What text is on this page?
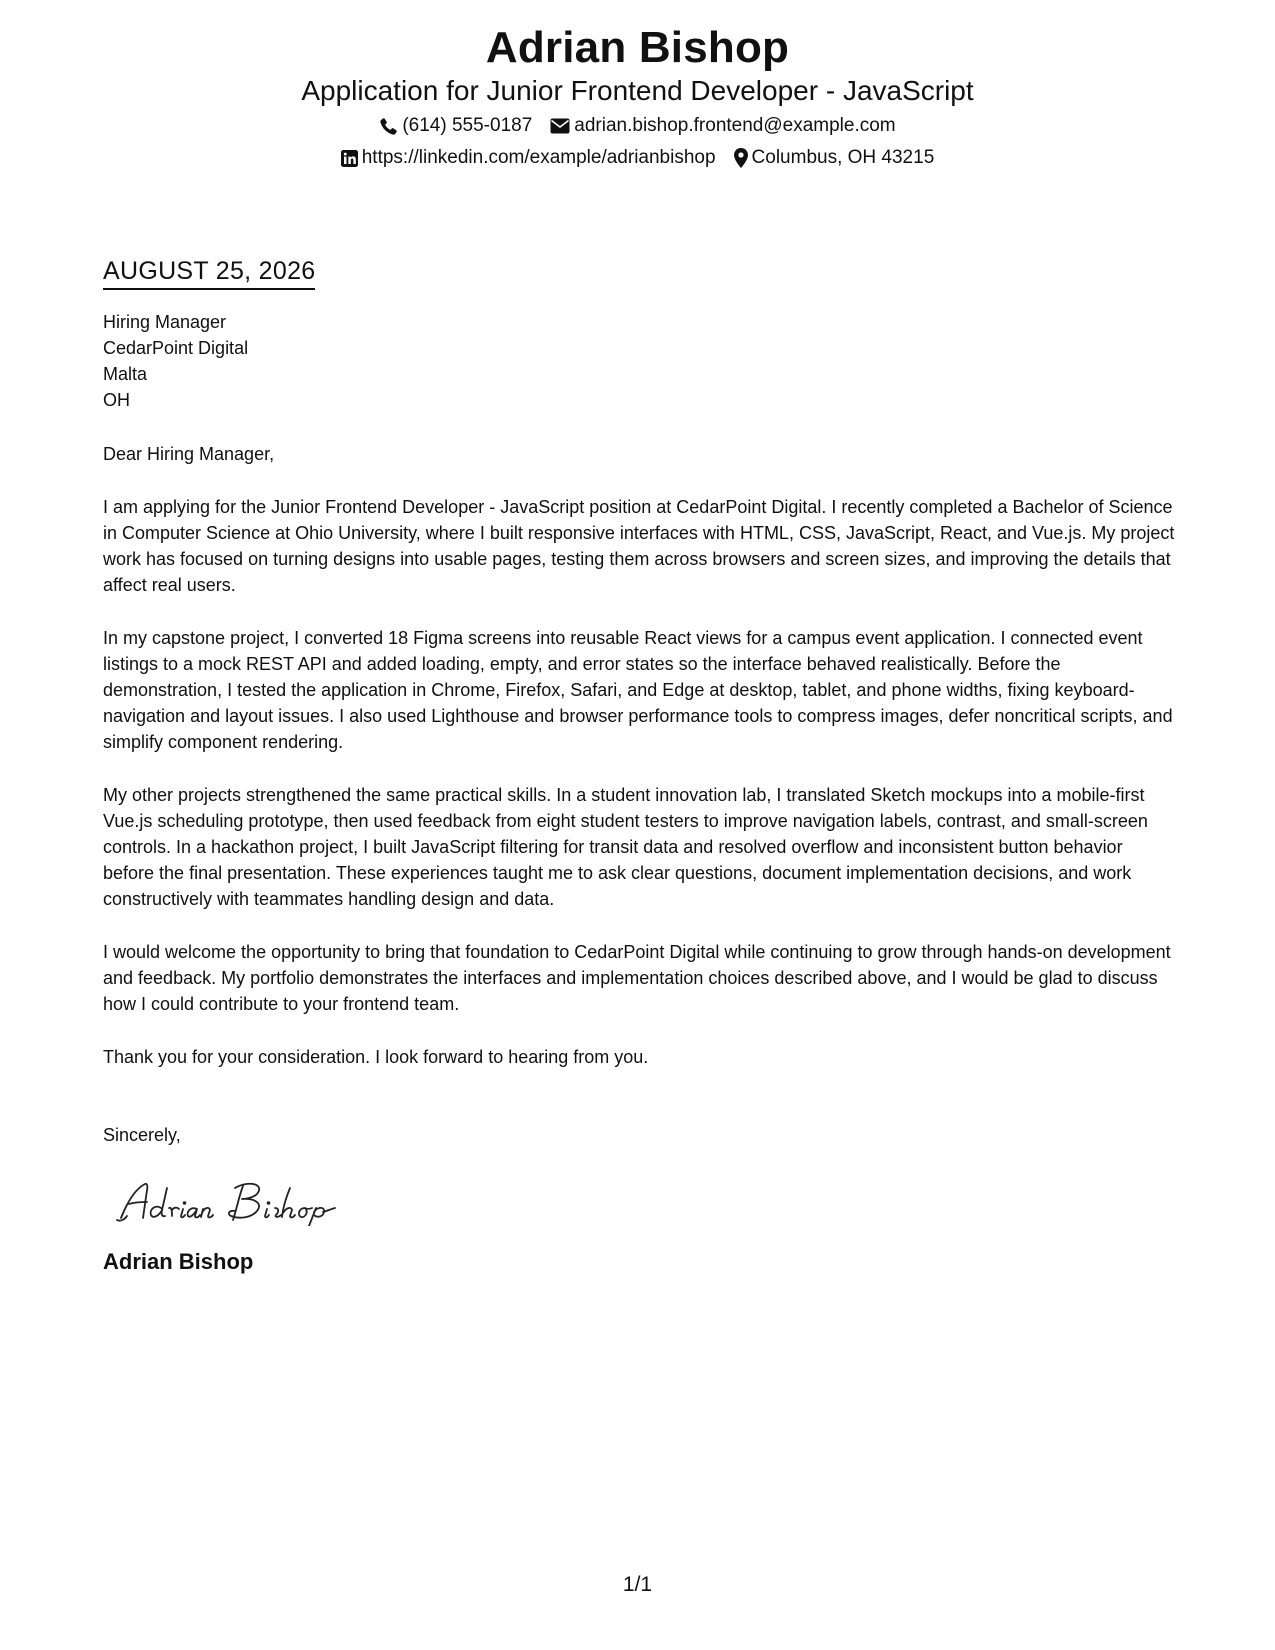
Adrian Bishop
Application for Junior Frontend Developer - JavaScript
(614) 555-0187 adrian.bishop.frontend@example.com
https://linkedin.com/example/adrianbishop Columbus, OH 43215
AUGUST 25, 2026
Hiring Manager
CedarPoint Digital
Malta
OH
Dear Hiring Manager,

I am applying for the Junior Frontend Developer - JavaScript position at CedarPoint Digital. I recently completed a Bachelor of Science in Computer Science at Ohio University, where I built responsive interfaces with HTML, CSS, JavaScript, React, and Vue.js. My project work has focused on turning designs into usable pages, testing them across browsers and screen sizes, and improving the details that affect real users.

In my capstone project, I converted 18 Figma screens into reusable React views for a campus event application. I connected event listings to a mock REST API and added loading, empty, and error states so the interface behaved realistically. Before the demonstration, I tested the application in Chrome, Firefox, Safari, and Edge at desktop, tablet, and phone widths, fixing keyboard-navigation and layout issues. I also used Lighthouse and browser performance tools to compress images, defer noncritical scripts, and simplify component rendering.

My other projects strengthened the same practical skills. In a student innovation lab, I translated Sketch mockups into a mobile-first Vue.js scheduling prototype, then used feedback from eight student testers to improve navigation labels, contrast, and small-screen controls. In a hackathon project, I built JavaScript filtering for transit data and resolved overflow and inconsistent button behavior before the final presentation. These experiences taught me to ask clear questions, document implementation decisions, and work constructively with teammates handling design and data.

I would welcome the opportunity to bring that foundation to CedarPoint Digital while continuing to grow through hands-on development and feedback. My portfolio demonstrates the interfaces and implementation choices described above, and I would be glad to discuss how I could contribute to your frontend team.

Thank you for your consideration. I look forward to hearing from you.

Sincerely,
Adrian Bishop
1/1
